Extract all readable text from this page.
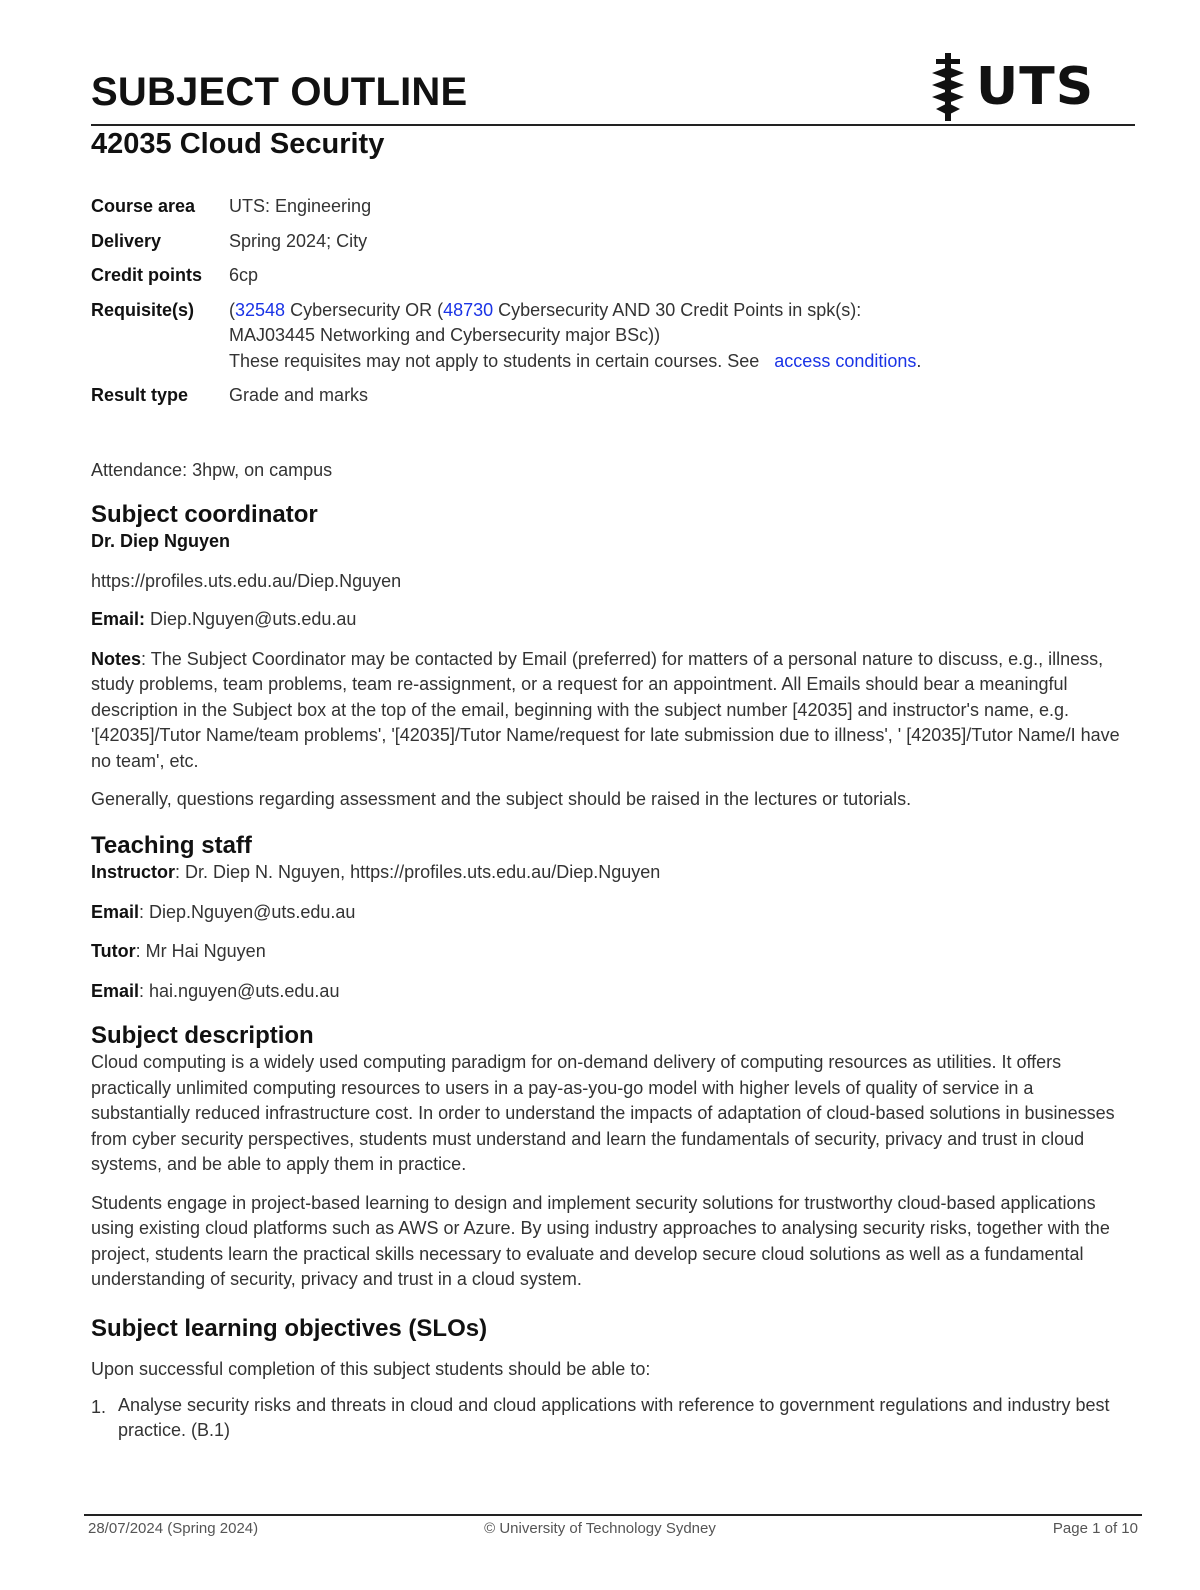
SUBJECT OUTLINE	UTS
42035 Cloud Security
Course area	UTS: Engineering
Delivery	Spring 2024; City
Credit points	6cp
Requisite(s)	(32548 Cybersecurity OR (48730 Cybersecurity AND 30 Credit Points in spk(s):
MAJ03445 Networking and Cybersecurity major BSc))
These requisites may not apply to students in certain courses. See   access conditions.
Result type	Grade and marks

Attendance: 3hpw, on campus

Subject coordinator

Dr. Diep Nguyen

https://profiles.uts.edu.au/Diep.Nguyen

Email: Diep.Nguyen@uts.edu.au

Notes: The Subject Coordinator may be contacted by Email (preferred) for matters of a personal nature to discuss, e.g., illness, study problems, team problems, team re-assignment, or a request for an appointment. All Emails should bear a meaningful description in the Subject box at the top of the email, beginning with the subject number [42035] and instructor's name, e.g. '[42035]/Tutor Name/team problems', '[42035]/Tutor Name/request for late submission due to illness', ' [42035]/Tutor Name/I have no team', etc.

Generally, questions regarding assessment and the subject should be raised in the lectures or tutorials.

Teaching staff

Instructor: Dr. Diep N. Nguyen, https://profiles.uts.edu.au/Diep.Nguyen

Email: Diep.Nguyen@uts.edu.au

Tutor: Mr Hai Nguyen

Email: hai.nguyen@uts.edu.au

Subject description

Cloud computing is a widely used computing paradigm for on-demand delivery of computing resources as utilities. It offers practically unlimited computing resources to users in a pay-as-you-go model with higher levels of quality of service in a substantially reduced infrastructure cost. In order to understand the impacts of adaptation of cloud-based solutions in businesses from cyber security perspectives, students must understand and learn the fundamentals of security, privacy and trust in cloud systems, and be able to apply them in practice.

Students engage in project-based learning to design and implement security solutions for trustworthy cloud-based applications using existing cloud platforms such as AWS or Azure. By using industry approaches to analysing security risks, together with the project, students learn the practical skills necessary to evaluate and develop secure cloud solutions as well as a fundamental understanding of security, privacy and trust in a cloud system.

Subject learning objectives (SLOs)

Upon successful completion of this subject students should be able to:

1. Analyse security risks and threats in cloud and cloud applications with reference to government regulations and industry best practice. (B.1)
28/07/2024 (Spring 2024)	© University of Technology Sydney	Page 1 of 10
